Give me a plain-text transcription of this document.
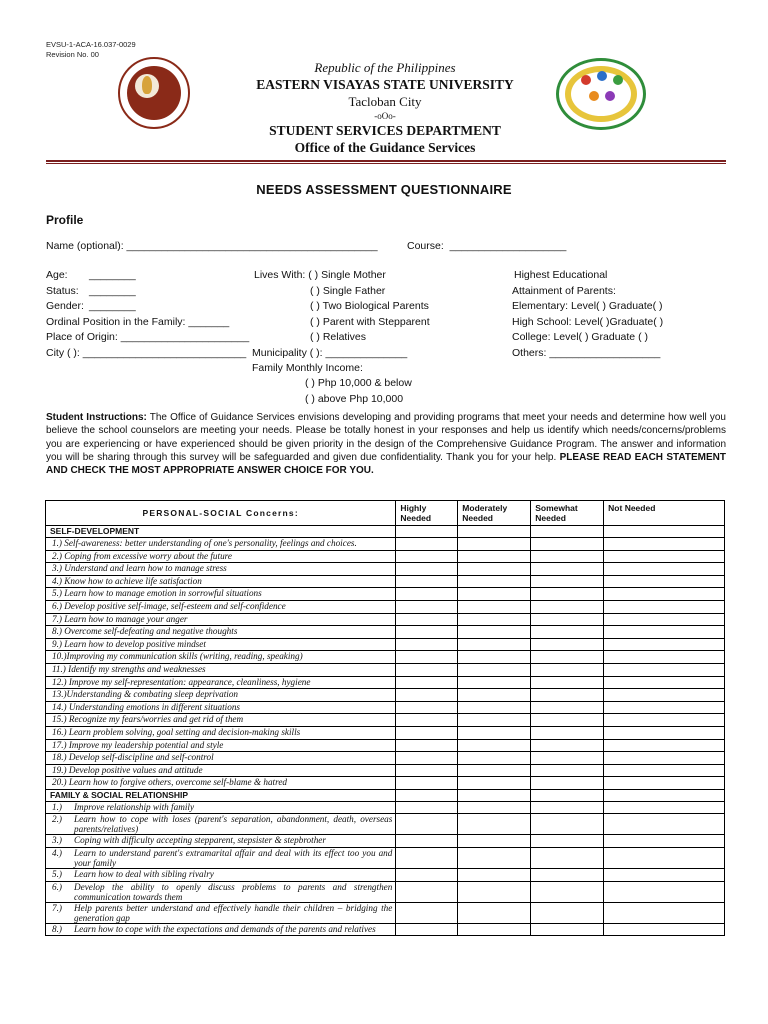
EVSU-1-ACA-16.037-0029
Revision No. 00
Republic of the Philippines
EASTERN VISAYAS STATE UNIVERSITY
Tacloban City
-oOo-
STUDENT SERVICES DEPARTMENT
Office of the Guidance Services
NEEDS ASSESSMENT QUESTIONNAIRE
Profile
Name (optional): ___________________________________________	Course:  ____________________
Age: ________
Status: ________
Gender: ________
Ordinal Position in the Family: _______
Place of Origin: ______________________
City ( ): ____________________________
Lives With: ( ) Single Mother
( ) Single Father
( ) Two Biological Parents
( ) Parent with Stepparent
( ) Relatives
Municipality ( ): ______________
Family Monthly Income:
( ) Php 10,000 & below
( ) above Php 10,000
Highest Educational
Attainment of Parents:
Elementary: Level( ) Graduate( )
High School: Level( )Graduate( )
College: Level( ) Graduate ( )
Others: ___________________
Student Instructions: The Office of Guidance Services envisions developing and providing programs that meet your needs and determine how well you believe the school counselors are meeting your needs. Please be totally honest in your responses and help us identify which needs/concerns/problems you are experiencing or have experienced should be given priority in the design of the Comprehensive Guidance Program. The answer and information you will be sharing through this survey will be safeguarded and given due confidentiality. Thank you for your help. PLEASE READ EACH STATEMENT AND CHECK THE MOST APPROPRIATE ANSWER CHOICE FOR YOU.
PERSONAL-SOCIAL Concerns:	Highly Needed	Moderately Needed	Somewhat Needed	Not Needed
SELF-DEVELOPMENT				
1.) Self-awareness: better understanding of one's personality, feelings and choices.				
2.) Coping from excessive worry about the future				
3.) Understand and learn how to manage stress				
4.) Know how to achieve life satisfaction				
5.) Learn how to manage emotion in sorrowful situations				
6.) Develop positive self-image, self-esteem and self-confidence				
7.) Learn how to manage your anger				
8.) Overcome self-defeating and negative thoughts				
9.) Learn how to develop positive mindset				
10.)Improving my communication skills (writing, reading, speaking)				
11.) Identify my strengths and weaknesses				
12.) Improve my self-representation: appearance, cleanliness, hygiene				
13.)Understanding & combating sleep deprivation				
14.) Understanding emotions in different situations				
15.) Recognize my fears/worries and get rid of them				
16.) Learn problem solving, goal setting and decision-making skills				
17.) Improve my leadership potential and style				
18.) Develop self-discipline and self-control				
19.) Develop positive values and attitude				
20.) Learn how to forgive others, overcome self-blame & hatred				
FAMILY & SOCIAL RELATIONSHIP				

1.) Improve relationship with family				

2.) Learn how to cope with loses (parent's separation, abandonment, death, overseas parents/relatives)				

3.) Coping with difficulty accepting stepparent, stepsister & stepbrother				

4.) Learn to understand parent's extramarital affair and deal with its effect too you and your family				

5.) Learn how to deal with sibling rivalry				

6.) Develop the ability to openly discuss problems to parents and strengthen communication towards them				

7.) Help parents better understand and effectively handle their children – bridging the generation gap				

8.) Learn how to cope with the expectations and demands of the parents and relatives				
